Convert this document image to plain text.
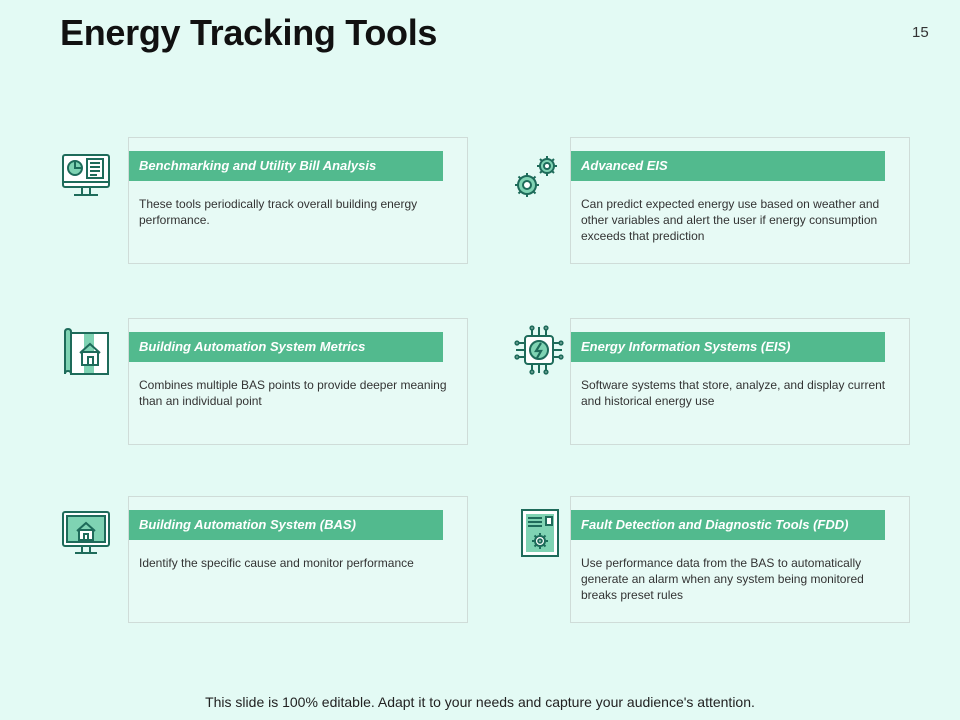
Energy Tracking Tools	15
Benchmarking and Utility Bill Analysis
These tools periodically track overall building energy performance.
Advanced EIS
Can predict expected energy use based on weather and other variables and alert the user if energy consumption exceeds that prediction
Building Automation System Metrics
Combines multiple BAS points to provide deeper meaning than an individual point
Energy Information Systems (EIS)
Software systems that store, analyze, and display current and historical energy use
Building Automation System (BAS)
Identify the specific cause and monitor performance
Fault Detection and Diagnostic Tools (FDD)
Use performance data from the BAS to automatically generate an alarm when any system being monitored breaks preset rules
This slide is 100% editable. Adapt it to your needs and capture your audience's attention.
